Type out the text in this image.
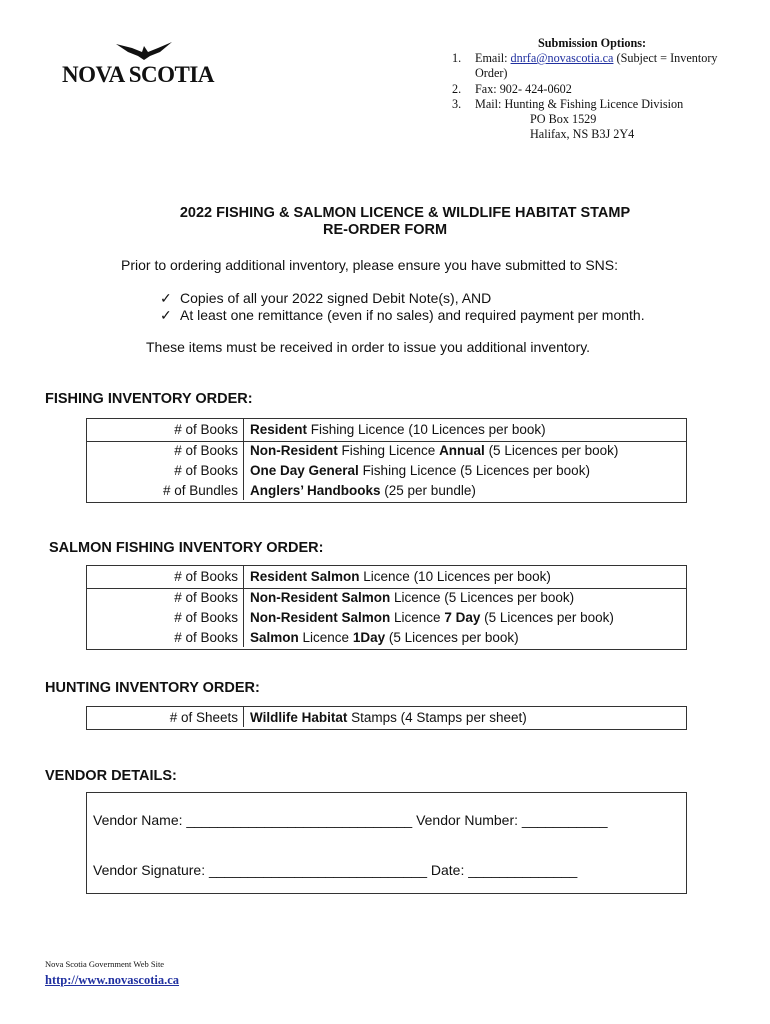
NOVA SCOTIA
Submission Options:
1.	Email: dnrfa@novascotia.ca (Subject = Inventory
Order)
2.	Fax: 902- 424-0602
3.	Mail: Hunting & Fishing Licence Division
PO Box 1529
Halifax, NS B3J 2Y4
2022 FISHING & SALMON LICENCE & WILDLIFE HABITAT STAMP
RE-ORDER FORM
Prior to ordering additional inventory, please ensure you have submitted to SNS:
✓ Copies of all your 2022 signed Debit Note(s), AND
✓ At least one remittance (even if no sales) and required payment per month.
These items must be received in order to issue you additional inventory.
FISHING INVENTORY ORDER:
# of Books	Resident Fishing Licence (10 Licences per book)
# of Books	Non-Resident Fishing Licence Annual (5 Licences per book)
# of Books	One Day General Fishing Licence (5 Licences per book)
# of Bundles	Anglers’ Handbooks (25 per bundle)
SALMON FISHING INVENTORY ORDER:
# of Books	Resident Salmon Licence (10 Licences per book)
# of Books	Non-Resident Salmon Licence (5 Licences per book)
# of Books	Non-Resident Salmon Licence 7 Day (5 Licences per book)
# of Books	Salmon Licence 1Day (5 Licences per book)
HUNTING INVENTORY ORDER:
# of Sheets	Wildlife Habitat Stamps (4 Stamps per sheet)
VENDOR DETAILS:
Vendor Name: _____________________________ Vendor Number: ___________
Vendor Signature: ____________________________ Date: ______________
Nova Scotia Government Web Site
http://www.novascotia.ca
